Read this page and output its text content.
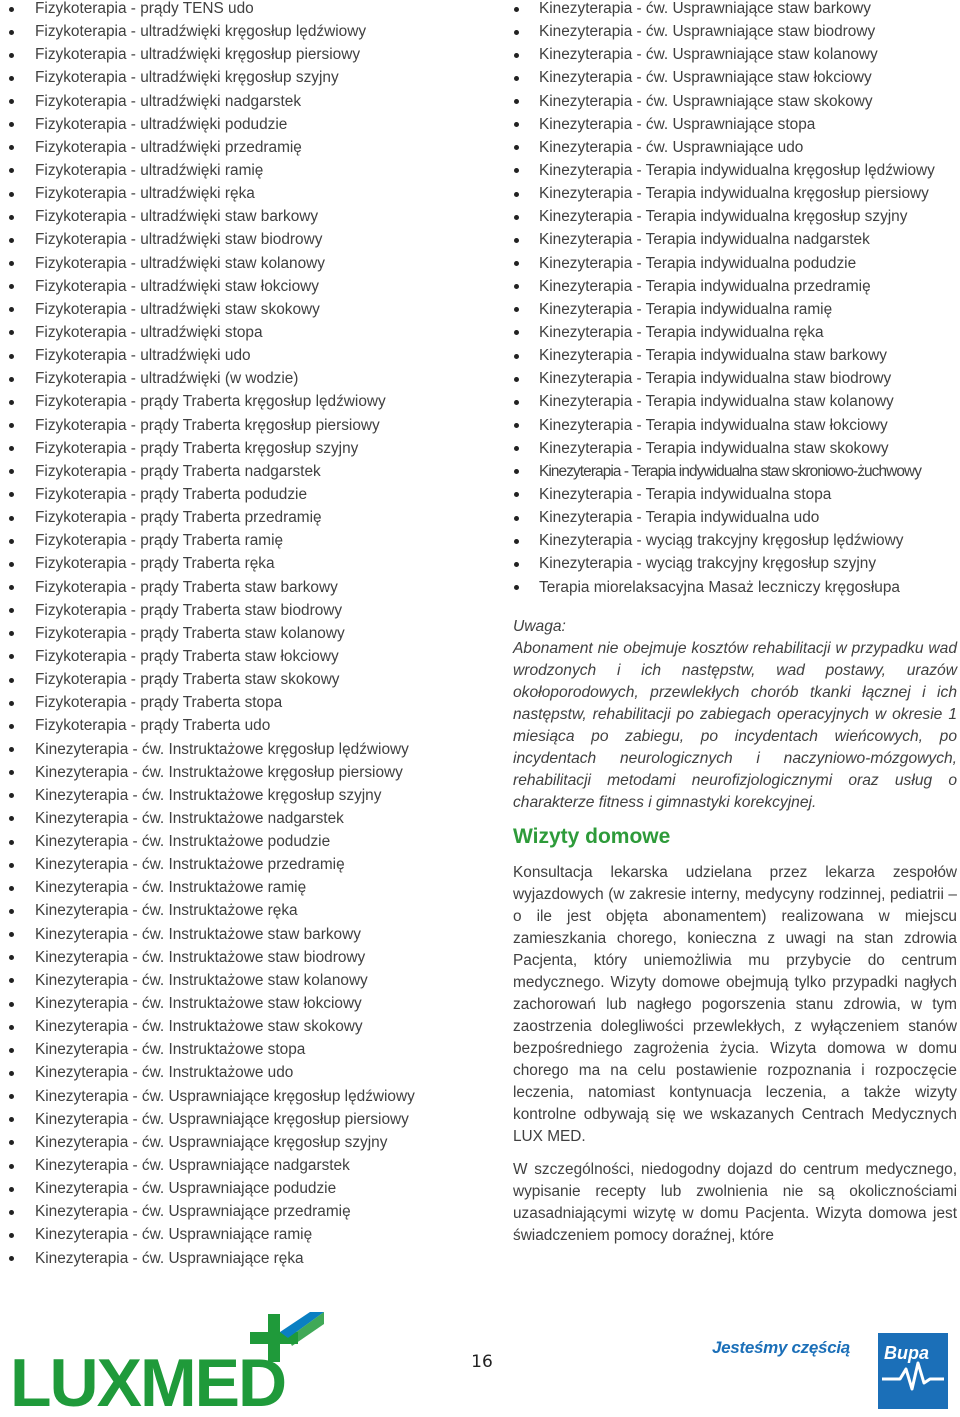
Fizykoterapia - prądy TENS udo
Fizykoterapia - ultradźwięki kręgosłup lędźwiowy
Fizykoterapia - ultradźwięki kręgosłup piersiowy
Fizykoterapia - ultradźwięki kręgosłup szyjny
Fizykoterapia - ultradźwięki nadgarstek
Fizykoterapia - ultradźwięki podudzie
Fizykoterapia - ultradźwięki przedramię
Fizykoterapia - ultradźwięki ramię
Fizykoterapia - ultradźwięki ręka
Fizykoterapia - ultradźwięki staw barkowy
Fizykoterapia - ultradźwięki staw biodrowy
Fizykoterapia - ultradźwięki staw kolanowy
Fizykoterapia - ultradźwięki staw łokciowy
Fizykoterapia - ultradźwięki staw skokowy
Fizykoterapia - ultradźwięki stopa
Fizykoterapia - ultradźwięki udo
Fizykoterapia - ultradźwięki (w wodzie)
Fizykoterapia - prądy Traberta kręgosłup lędźwiowy
Fizykoterapia - prądy Traberta kręgosłup piersiowy
Fizykoterapia - prądy Traberta kręgosłup szyjny
Fizykoterapia - prądy Traberta nadgarstek
Fizykoterapia - prądy Traberta podudzie
Fizykoterapia - prądy Traberta przedramię
Fizykoterapia - prądy Traberta ramię
Fizykoterapia - prądy Traberta ręka
Fizykoterapia - prądy Traberta staw barkowy
Fizykoterapia - prądy Traberta staw biodrowy
Fizykoterapia - prądy Traberta staw kolanowy
Fizykoterapia - prądy Traberta staw łokciowy
Fizykoterapia - prądy Traberta staw skokowy
Fizykoterapia - prądy Traberta stopa
Fizykoterapia - prądy Traberta udo
Kinezyterapia - ćw. Instruktażowe kręgosłup lędźwiowy
Kinezyterapia - ćw. Instruktażowe kręgosłup piersiowy
Kinezyterapia - ćw. Instruktażowe kręgosłup szyjny
Kinezyterapia - ćw. Instruktażowe nadgarstek
Kinezyterapia - ćw. Instruktażowe podudzie
Kinezyterapia - ćw. Instruktażowe przedramię
Kinezyterapia - ćw. Instruktażowe ramię
Kinezyterapia - ćw. Instruktażowe ręka
Kinezyterapia - ćw. Instruktażowe staw barkowy
Kinezyterapia - ćw. Instruktażowe staw biodrowy
Kinezyterapia - ćw. Instruktażowe staw kolanowy
Kinezyterapia - ćw. Instruktażowe staw łokciowy
Kinezyterapia - ćw. Instruktażowe staw skokowy
Kinezyterapia - ćw. Instruktażowe stopa
Kinezyterapia - ćw. Instruktażowe udo
Kinezyterapia - ćw. Usprawniające kręgosłup lędźwiowy
Kinezyterapia - ćw. Usprawniające kręgosłup piersiowy
Kinezyterapia - ćw. Usprawniające kręgosłup szyjny
Kinezyterapia - ćw. Usprawniające nadgarstek
Kinezyterapia - ćw. Usprawniające podudzie
Kinezyterapia - ćw. Usprawniające przedramię
Kinezyterapia - ćw. Usprawniające ramię
Kinezyterapia - ćw. Usprawniające ręka
Kinezyterapia - ćw. Usprawniające staw barkowy
Kinezyterapia - ćw. Usprawniające staw biodrowy
Kinezyterapia - ćw. Usprawniające staw kolanowy
Kinezyterapia - ćw. Usprawniające staw łokciowy
Kinezyterapia - ćw. Usprawniające staw skokowy
Kinezyterapia - ćw. Usprawniające stopa
Kinezyterapia - ćw. Usprawniające udo
Kinezyterapia - Terapia indywidualna kręgosłup lędźwiowy
Kinezyterapia - Terapia indywidualna kręgosłup piersiowy
Kinezyterapia - Terapia indywidualna kręgosłup szyjny
Kinezyterapia - Terapia indywidualna nadgarstek
Kinezyterapia - Terapia indywidualna podudzie
Kinezyterapia - Terapia indywidualna przedramię
Kinezyterapia - Terapia indywidualna ramię
Kinezyterapia - Terapia indywidualna ręka
Kinezyterapia - Terapia indywidualna staw barkowy
Kinezyterapia - Terapia indywidualna staw biodrowy
Kinezyterapia - Terapia indywidualna staw kolanowy
Kinezyterapia - Terapia indywidualna staw łokciowy
Kinezyterapia - Terapia indywidualna staw skokowy
Kinezyterapia - Terapia indywidualna staw skroniowo-żuchwowy
Kinezyterapia - Terapia indywidualna stopa
Kinezyterapia - Terapia indywidualna udo
Kinezyterapia - wyciąg trakcyjny kręgosłup lędźwiowy
Kinezyterapia - wyciąg trakcyjny kręgosłup szyjny
Terapia miorelaksacyjna Masaż leczniczy kręgosłupa

Uwaga:

Abonament nie obejmuje kosztów rehabilitacji w przypadku wad wrodzonych i ich następstw, wad postawy, urazów okołoporodowych, przewlekłych chorób tkanki łącznej i ich następstw, rehabilitacji po zabiegach operacyjnych w okresie 1 miesiąca po zabiegu, po incydentach wieńcowych, po incydentach neurologicznych i naczyniowo-mózgowych, rehabilitacji metodami neurofizjologicznymi oraz usług o charakterze fitness i gimnastyki korekcyjnej.

Wizyty domowe

Konsultacja lekarska udzielana przez lekarza zespołów wyjazdowych (w zakresie interny, medycyny rodzinnej, pediatrii – o ile jest objęta abonamentem) realizowana w miejscu zamieszkania chorego, konieczna z uwagi na stan zdrowia Pacjenta, który uniemożliwia mu przybycie do centrum medycznego. Wizyty domowe obejmują tylko przypadki nagłych zachorowań lub nagłego pogorszenia stanu zdrowia, w tym zaostrzenia dolegliwości przewlekłych, z wyłączeniem stanów bezpośredniego zagrożenia życia. Wizyta domowa w domu chorego ma na celu postawienie rozpoznania i rozpoczęcie leczenia, natomiast kontynuacja leczenia, a także wizyty kontrolne odbywają się we wskazanych Centrach Medycznych LUX MED.

W szczególności, niedogodny dojazd do centrum medycznego, wypisanie recepty lub zwolnienia nie są okolicznościami uzasadniającymi wizytę w domu Pacjenta. Wizyta domowa jest świadczeniem pomocy doraźnej, które

LUXMED	16
Jesteśmy częścią Bupa
